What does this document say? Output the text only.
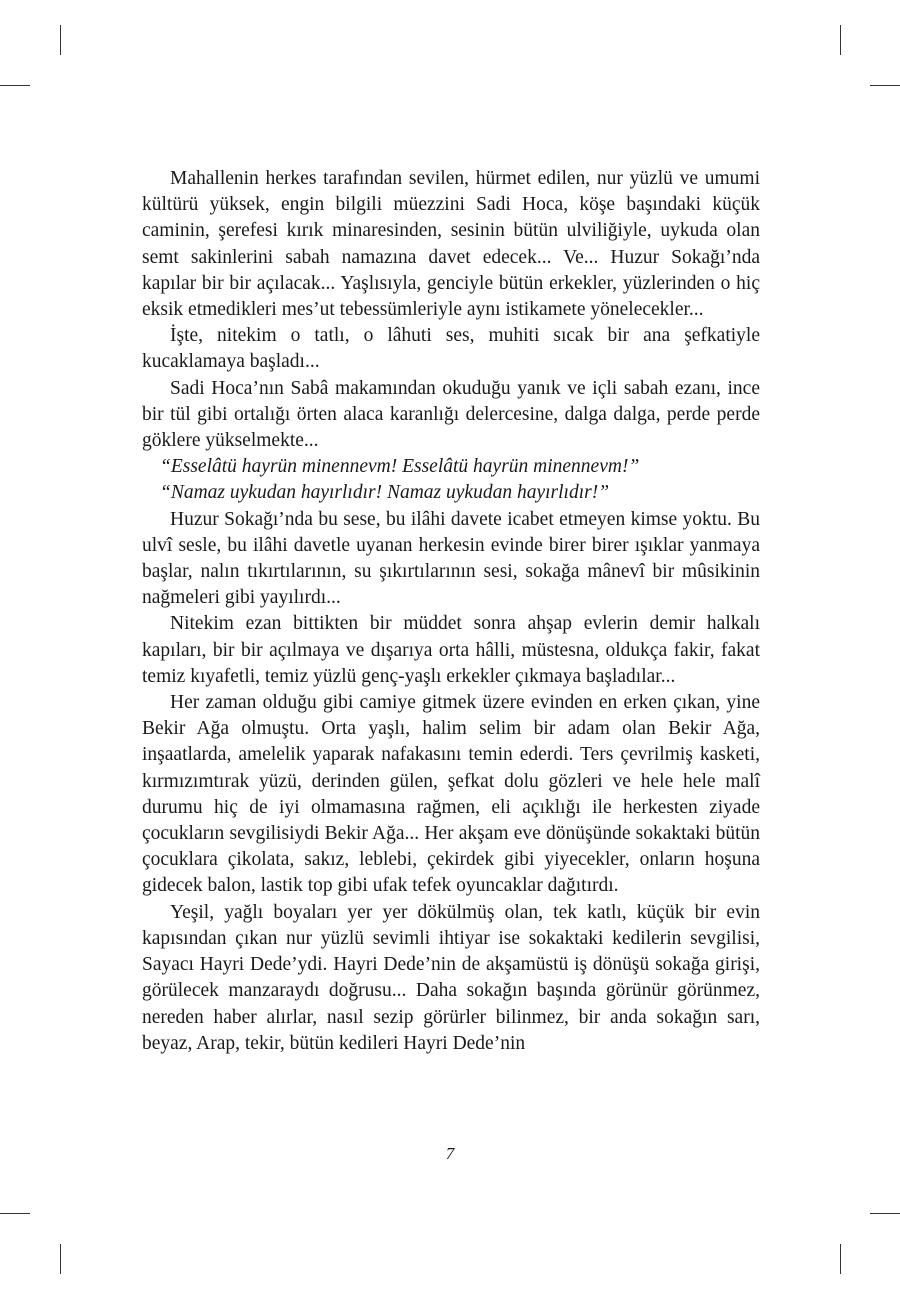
Mahallenin herkes tarafından sevilen, hürmet edilen, nur yüzlü ve umumi kültürü yüksek, engin bilgili müezzini Sadi Hoca, köşe başındaki küçük caminin, şerefesi kırık minaresinden, sesinin bütün ulviliğiyle, uykuda olan semt sakinlerini sabah namazına davet edecek... Ve... Huzur Sokağı’nda kapılar bir bir açılacak... Yaşlısıyla, genciyle bütün erkekler, yüzlerinden o hiç eksik etmedikleri mes’ut tebessümleriyle aynı istikamete yönelecekler...

İşte, nitekim o tatlı, o lâhuti ses, muhiti sıcak bir ana şefkatiyle kucaklamaya başladı...

Sadi Hoca’nın Sabâ makamından okuduğu yanık ve içli sabah ezanı, ince bir tül gibi ortalığı örten alaca karanlığı delercesine, dalga dalga, perde perde göklere yükselmekte...

“Esselâtü hayrün minennevm! Esselâtü hayrün minennevm!”

“Namaz uykudan hayırlıdır! Namaz uykudan hayırlıdır!”

Huzur Sokağı’nda bu sese, bu ilâhi davete icabet etmeyen kimse yoktu. Bu ulvî sesle, bu ilâhi davetle uyanan herkesin evinde birer birer ışıklar yanmaya başlar, nalın tıkırtılarının, su şıkırtılarının sesi, sokağa mânevî bir mûsikinin nağmeleri gibi yayılırdı...

Nitekim ezan bittikten bir müddet sonra ahşap evlerin demir halkalı kapıları, bir bir açılmaya ve dışarıya orta hâlli, müstesna, oldukça fakir, fakat temiz kıyafetli, temiz yüzlü genç-yaşlı erkekler çıkmaya başladılar...

Her zaman olduğu gibi camiye gitmek üzere evinden en erken çıkan, yine Bekir Ağa olmuştu. Orta yaşlı, halim selim bir adam olan Bekir Ağa, inşaatlarda, amelelik yaparak nafakasını temin ederdi. Ters çevrilmiş kasketi, kırmızımtırak yüzü, derinden gülen, şefkat dolu gözleri ve hele hele malî durumu hiç de iyi olmamasına rağmen, eli açıklığı ile herkesten ziyade çocukların sevgilisiydi Bekir Ağa... Her akşam eve dönüşünde sokaktaki bütün çocuklara çikolata, sakız, leblebi, çekirdek gibi yiyecekler, onların hoşuna gidecek balon, lastik top gibi ufak tefek oyuncaklar dağıtırdı.

Yeşil, yağlı boyaları yer yer dökülmüş olan, tek katlı, küçük bir evin kapısından çıkan nur yüzlü sevimli ihtiyar ise sokaktaki kedilerin sevgilisi, Sayacı Hayri Dede’ydi. Hayri Dede’nin de akşamüstü iş dönüşü sokağa girişi, görülecek manzaraydı doğrusu... Daha sokağın başında görünür görünmez, nereden haber alırlar, nasıl sezip görürler bilinmez, bir anda sokağın sarı, beyaz, Arap, tekir, bütün kedileri Hayri Dede’nin

7
